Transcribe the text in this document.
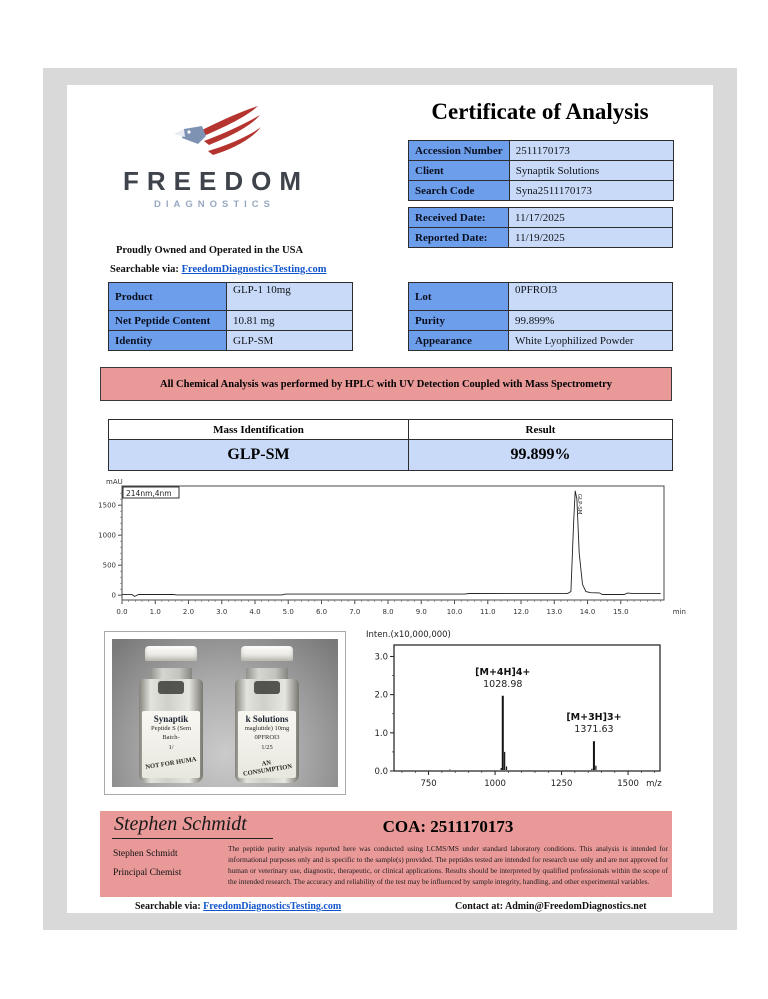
FREEDOM
DIAGNOSTICS
Proudly Owned and Operated in the USA
Searchable via: FreedomDiagnosticsTesting.com
Certificate of Analysis
Accession Number	2511170173
Client	Synaptik Solutions
Search Code	Syna2511170173
Received Date:	11/17/2025
Reported Date:	11/19/2025
Product	GLP-1 10mg
Net Peptide Content	10.81 mg
Identity	GLP-SM
Lot	0PFROI3
Purity	99.899%
Appearance	White Lyophilized Powder
All Chemical Analysis was performed by HPLC with UV Detection Coupled with Mass Spectrometry
Mass Identification	Result
GLP-SM	99.899%
mAU
214nm,4nm
0
500
1000
1500
0.0	1.0	2.0	3.0	4.0	5.0	6.0	7.0	8.0	9.0	10.0	11.0	12.0	13.0	14.0	15.0	min
GLP-SM
Synaptik
Peptide S (Sem
Batch-
1/
NOT FOR HUMA
k Solutions
maglutide) 10mg
0PFROI3
1/25
AN CONSUMPTION
Inten.(x10,000,000)
0.0
1.0
2.0
3.0
750	1000	1250	1500 m/z
[M+4H]4+
1028.98
[M+3H]3+
1371.63
Stephen Schmidt
Stephen Schmidt
Principal Chemist
COA: 2511170173
The peptide purity analysis reported here was conducted using LCMS/MS under standard laboratory conditions. This analysis is intended for informational purposes only and is specific to the sample(s) provided. The peptides tested are intended for research use only and are not approved for human or veterinary use, diagnostic, therapeutic, or clinical applications. Results should be interpreted by qualified professionals within the scope of the intended research. The accuracy and reliability of the test may be influenced by sample integrity, handling, and other experimental variables.
Searchable via: FreedomDiagnosticsTesting.com	Contact at: Admin@FreedomDiagnostics.net
